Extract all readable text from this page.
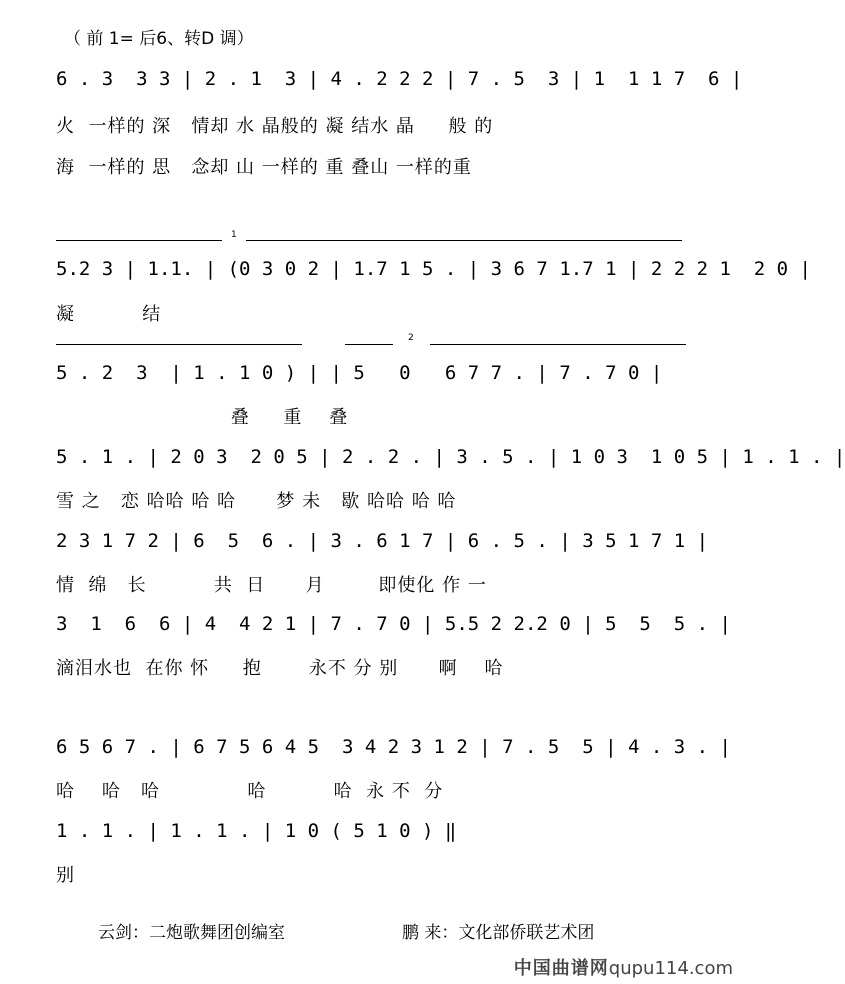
（ 前 1= 后6、转D 调）
6 . 3  3 3 | 2 . 1  3 | 4 . 2 2 2 | 7 . 5  3 | 1  1 1 7  6 |
火  一样的 深   情却 水 晶般的 凝 结水 晶     般 的
海  一样的 思   念却 山 一样的 重 叠山 一样的重
1
5.2 3 | 1.1. | (0 3 0 2 | 1.7 1 5 . | 3 6 7 1.7 1 | 2 2 2 1  2 0 |
凝          结
2
5 . 2  3  | 1 . 1 0 ) | | 5   0   6 7 7 . | 7 . 7 0 |
叠     重    叠
5 . 1 . | 2 0 3  2 0 5 | 2 . 2 . | 3 . 5 . | 1 0 3  1 0 5 | 1 . 1 . |
雪 之   恋 哈哈 哈 哈      梦 未   歇 哈哈 哈 哈
2 3 1 7 2 | 6  5  6 . | 3 . 6 1 7 | 6 . 5 . | 3 5 1 7 1 |
情  绵   长          共  日      月        即使化 作 一
3  1  6  6 | 4  4 2 1 | 7 . 7 0 | 5.5 2 2.2 0 | 5  5  5 . |
滴泪水也  在你 怀     抱       永不 分 别      啊    哈
6 5 6 7 . | 6 7 5 6 4 5  3 4 2 3 1 2 | 7 . 5  5 | 4 . 3 . |
哈    哈   哈             哈          哈  永 不  分
1 . 1 . | 1 . 1 . | 1 0 ( 5 1 0 ) ‖
别
云剑：二炮歌舞团创编室	鹏 来：文化部侨联艺术团
中国曲谱网qupu114.com
